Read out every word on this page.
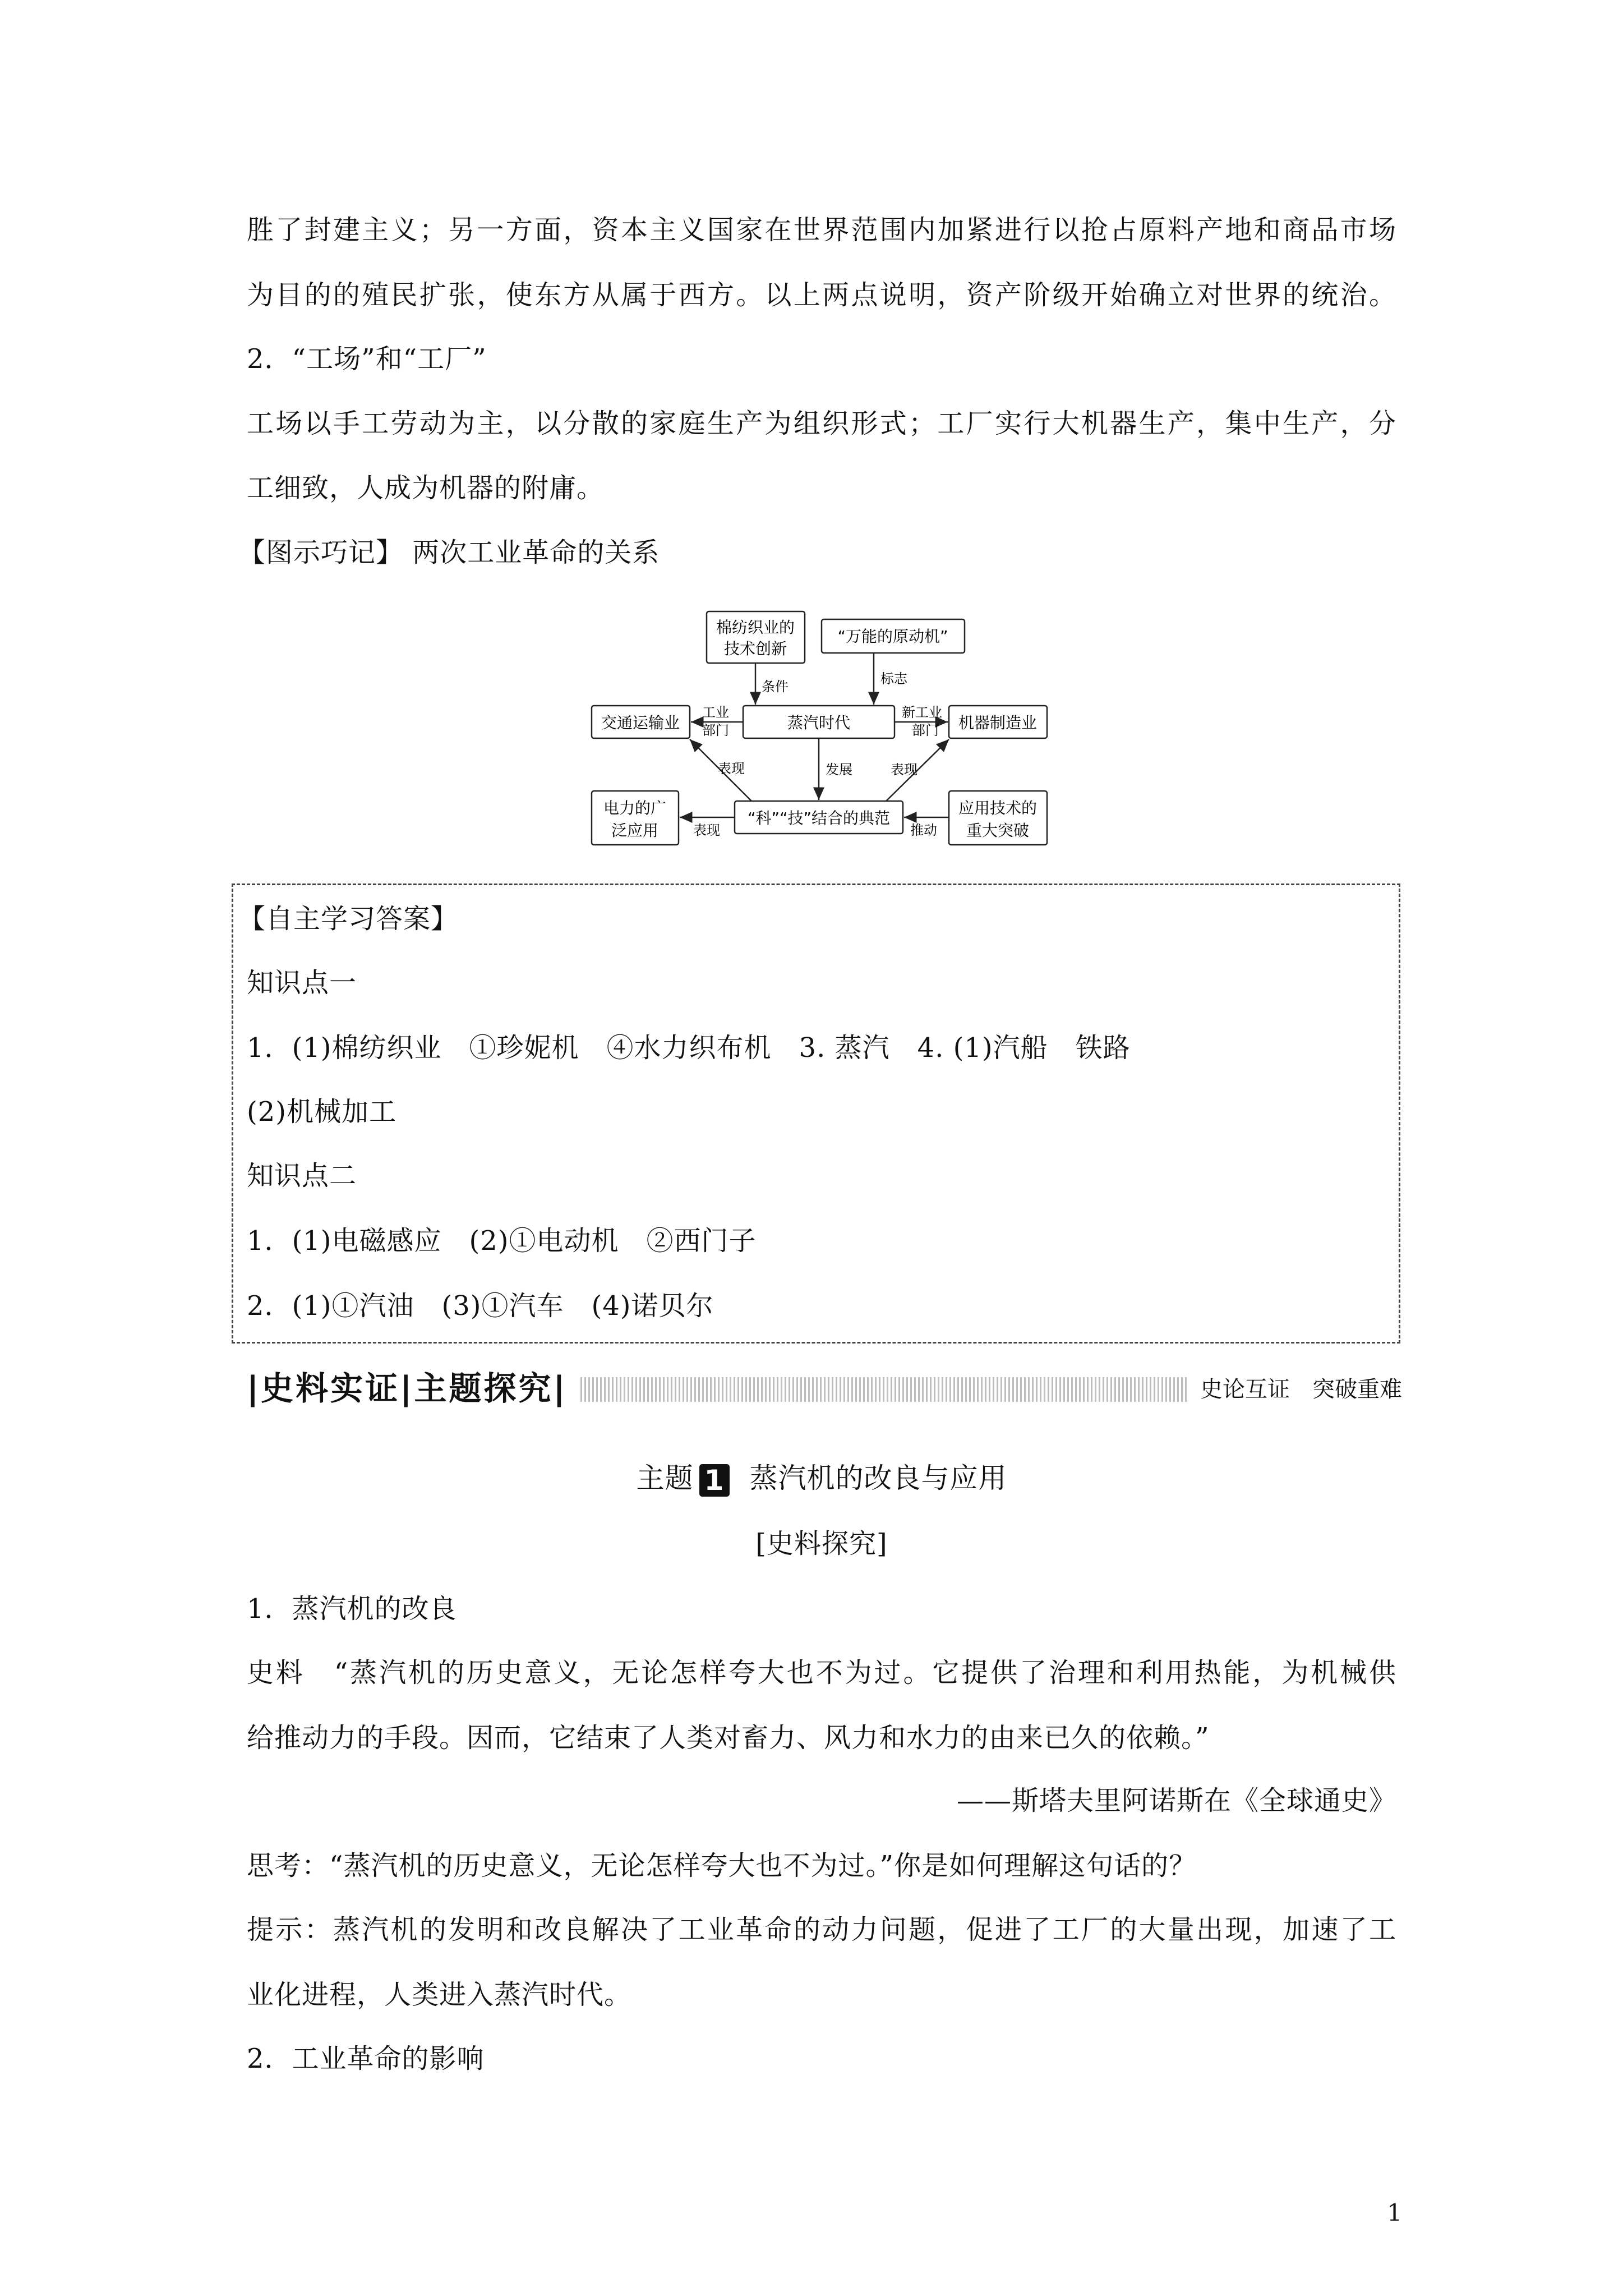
胜了封建主义；另一方面，资本主义国家在世界范围内加紧进行以抢占原料产地和商品市场
为目的的殖民扩张，使东方从属于西方。以上两点说明，资产阶级开始确立对世界的统治。
2．“工场”和“工厂”
工场以手工劳动为主，以分散的家庭生产为组织形式；工厂实行大机器生产，集中生产，分
工细致，人成为机器的附庸。
【图示巧记】 两次工业革命的关系
棉纺织业的
技术创新
“万能的原动机”
蒸汽时代
交通运输业	机器制造业
电力的广
泛应用
“科”“技”结合的典范
应用技术的
重大突破
条件	标志
工业
部门
新工业
部门
表现	发展	表现
表现	推动
【自主学习答案】
知识点一
1．(1)棉纺织业　①珍妮机　④水力织布机　3. 蒸汽　4. (1)汽船　铁路
(2)机械加工
知识点二
1．(1)电磁感应　(2)①电动机　②西门子
2．(1)①汽油　(3)①汽车　(4)诺贝尔
|史料实证|主题探究|	史论互证　突破重难
主题 1 蒸汽机的改良与应用
[史料探究]
1．蒸汽机的改良
史料　“蒸汽机的历史意义，无论怎样夸大也不为过。它提供了治理和利用热能，为机械供
给推动力的手段。因而，它结束了人类对畜力、风力和水力的由来已久的依赖。”
——斯塔夫里阿诺斯在《全球通史》
思考：“蒸汽机的历史意义，无论怎样夸大也不为过。”你是如何理解这句话的？
提示：蒸汽机的发明和改良解决了工业革命的动力问题，促进了工厂的大量出现，加速了工
业化进程，人类进入蒸汽时代。
2．工业革命的影响
1
